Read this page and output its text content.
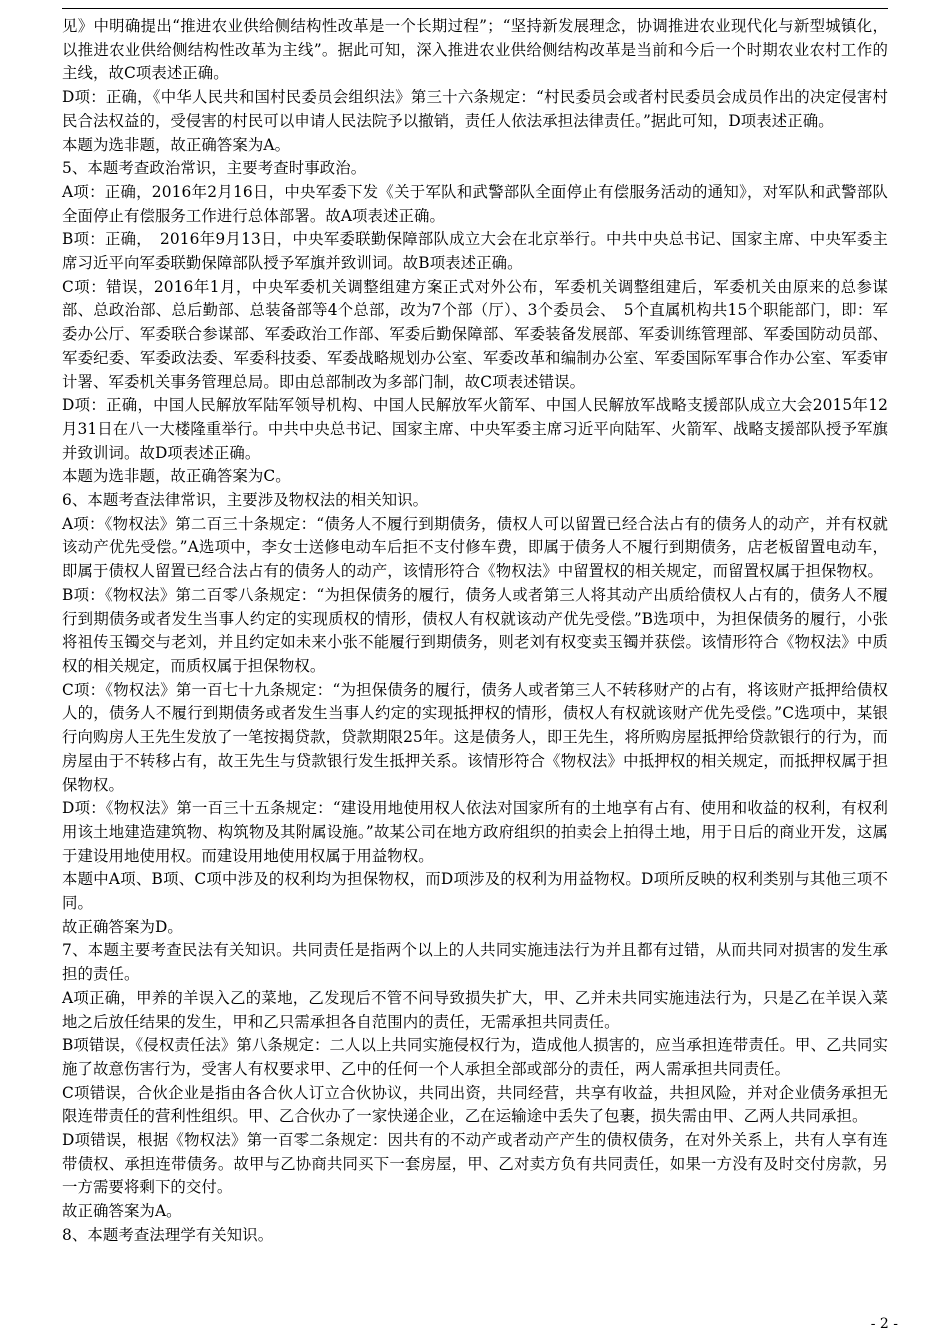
见》中明确提出“推进农业供给侧结构性改革是一个长期过程”；“坚持新发展理念，协调推进农业现代化与新型城镇化，以推进农业供给侧结构性改革为主线”。据此可知，深入推进农业供给侧结构改革是当前和今后一个时期农业农村工作的主线，故C项表述正确。

D项：正确，《中华人民共和国村民委员会组织法》第三十六条规定：“村民委员会或者村民委员会成员作出的决定侵害村民合法权益的，受侵害的村民可以申请人民法院予以撤销，责任人依法承担法律责任。”据此可知，D项表述正确。

本题为选非题，故正确答案为A。

5、本题考查政治常识，主要考查时事政治。

A项：正确，2016年2月16日，中央军委下发《关于军队和武警部队全面停止有偿服务活动的通知》，对军队和武警部队全面停止有偿服务工作进行总体部署。故A项表述正确。

B项：正确，　2016年9月13日，中央军委联勤保障部队成立大会在北京举行。中共中央总书记、国家主席、中央军委主席习近平向军委联勤保障部队授予军旗并致训词。故B项表述正确。

C项：错误，2016年1月，中央军委机关调整组建方案正式对外公布，军委机关调整组建后，军委机关由原来的总参谋部、总政治部、总后勤部、总装备部等4个总部，改为7个部（厅）、3个委员会、　5个直属机构共15个职能部门，即：军委办公厅、军委联合参谋部、军委政治工作部、军委后勤保障部、军委装备发展部、军委训练管理部、军委国防动员部、军委纪委、军委政法委、军委科技委、军委战略规划办公室、军委改革和编制办公室、军委国际军事合作办公室、军委审计署、军委机关事务管理总局。即由总部制改为多部门制，故C项表述错误。

D项：正确，中国人民解放军陆军领导机构、中国人民解放军火箭军、中国人民解放军战略支援部队成立大会2015年12月31日在八一大楼隆重举行。中共中央总书记、国家主席、中央军委主席习近平向陆军、火箭军、战略支援部队授予军旗并致训词。故D项表述正确。

本题为选非题，故正确答案为C。

6、本题考查法律常识，主要涉及物权法的相关知识。

A项：《物权法》第二百三十条规定：“债务人不履行到期债务，债权人可以留置已经合法占有的债务人的动产，并有权就该动产优先受偿。”A选项中，李女士送修电动车后拒不支付修车费，即属于债务人不履行到期债务，店老板留置电动车，即属于债权人留置已经合法占有的债务人的动产，该情形符合《物权法》中留置权的相关规定，而留置权属于担保物权。

B项：《物权法》第二百零八条规定：“为担保债务的履行，债务人或者第三人将其动产出质给债权人占有的，债务人不履行到期债务或者发生当事人约定的实现质权的情形，债权人有权就该动产优先受偿。”B选项中，为担保债务的履行，小张将祖传玉镯交与老刘，并且约定如未来小张不能履行到期债务，则老刘有权变卖玉镯并获偿。该情形符合《物权法》中质权的相关规定，而质权属于担保物权。

C项：《物权法》第一百七十九条规定：“为担保债务的履行，债务人或者第三人不转移财产的占有，将该财产抵押给债权人的，债务人不履行到期债务或者发生当事人约定的实现抵押权的情形，债权人有权就该财产优先受偿。”C选项中，某银行向购房人王先生发放了一笔按揭贷款，贷款期限25年。这是债务人，即王先生，将所购房屋抵押给贷款银行的行为，而房屋由于不转移占有，故王先生与贷款银行发生抵押关系。该情形符合《物权法》中抵押权的相关规定，而抵押权属于担保物权。

D项：《物权法》第一百三十五条规定：“建设用地使用权人依法对国家所有的土地享有占有、使用和收益的权利，有权利用该土地建造建筑物、构筑物及其附属设施。”故某公司在地方政府组织的拍卖会上拍得土地，用于日后的商业开发，这属于建设用地使用权。而建设用地使用权属于用益物权。

本题中A项、B项、C项中涉及的权利均为担保物权，而D项涉及的权利为用益物权。D项所反映的权利类别与其他三项不同。

故正确答案为D。

7、本题主要考查民法有关知识。共同责任是指两个以上的人共同实施违法行为并且都有过错，从而共同对损害的发生承担的责任。

A项正确，甲养的羊误入乙的菜地，乙发现后不管不问导致损失扩大，甲、乙并未共同实施违法行为，只是乙在羊误入菜地之后放任结果的发生，甲和乙只需承担各自范围内的责任，无需承担共同责任。

B项错误，《侵权责任法》第八条规定：二人以上共同实施侵权行为，造成他人损害的，应当承担连带责任。甲、乙共同实施了故意伤害行为，受害人有权要求甲、乙中的任何一个人承担全部或部分的责任，两人需承担共同责任。

C项错误，合伙企业是指由各合伙人订立合伙协议，共同出资，共同经营，共享有收益，共担风险，并对企业债务承担无限连带责任的营利性组织。甲、乙合伙办了一家快递企业，乙在运输途中丢失了包裹，损失需由甲、乙两人共同承担。

D项错误，根据《物权法》第一百零二条规定：因共有的不动产或者动产产生的债权债务，在对外关系上，共有人享有连带债权、承担连带债务。故甲与乙协商共同买下一套房屋，甲、乙对卖方负有共同责任，如果一方没有及时交付房款，另一方需要将剩下的交付。

故正确答案为A。

8、本题考查法理学有关知识。

- 2 -
